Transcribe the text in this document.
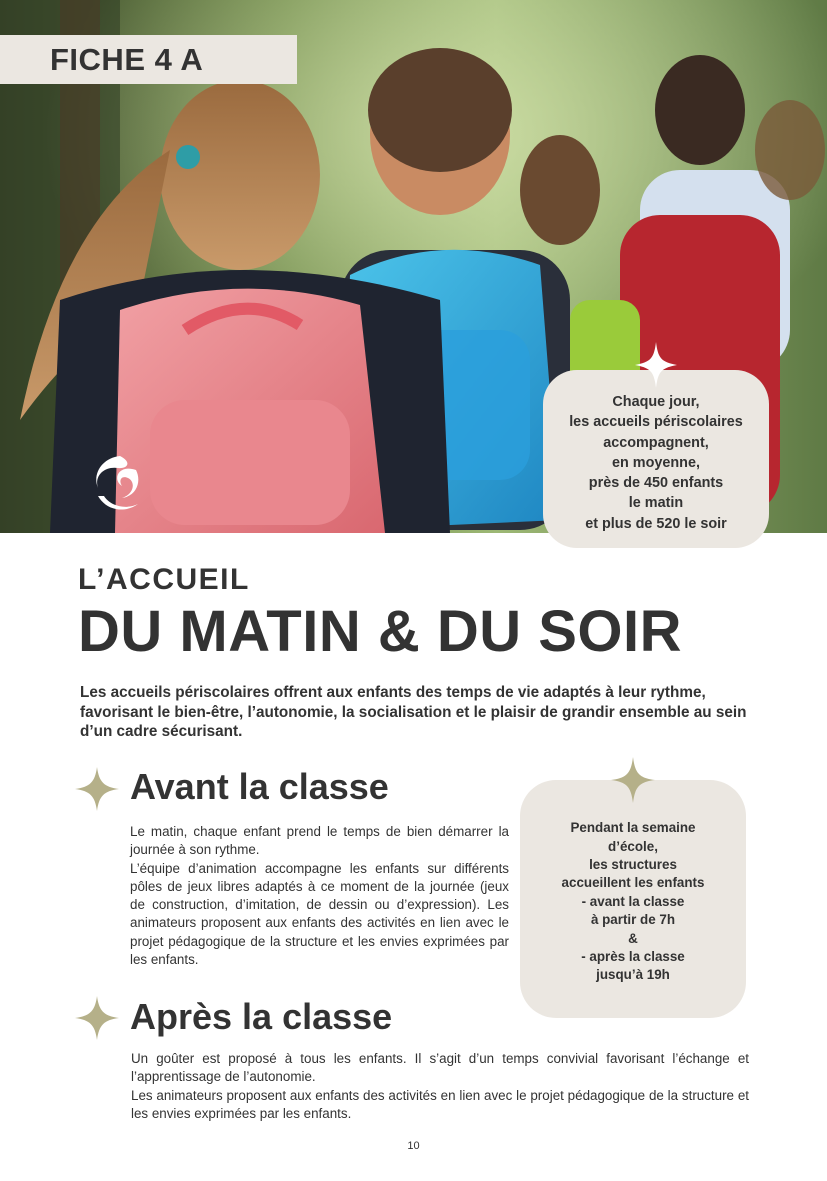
FICHE 4 A
Chaque jour,
les accueils périscolaires
accompagnent,
en moyenne,
près de 450 enfants
le matin
et plus de 520 le soir
L’ACCUEIL
DU MATIN & DU SOIR
Les accueils périscolaires offrent aux enfants des temps de vie adaptés à leur rythme, favorisant le bien-être, l’autonomie, la socialisation et le plaisir de grandir ensemble au sein d’un cadre sécurisant.
Avant la classe

Le matin, chaque enfant prend le temps de bien démarrer la journée à son rythme.

L’équipe d’animation accompagne les enfants sur différents pôles de jeux libres adaptés à ce moment de la journée (jeux de construction, d’imitation, de dessin ou d’expression). Les animateurs proposent aux enfants des activités en lien avec le projet pédagogique de la structure et les envies exprimées par les enfants.

Pendant la semaine
d’école,
les structures
accueillent les enfants
- avant la classe
à partir de 7h
&
- après la classe
jusqu’à 19h
Après la classe

Un goûter est proposé à tous les enfants. Il s’agit d’un temps convivial favorisant l’échange et l’apprentissage de l’autonomie.

Les animateurs proposent aux enfants des activités en lien avec le projet pédagogique de la structure et les envies exprimées par les enfants.

10
